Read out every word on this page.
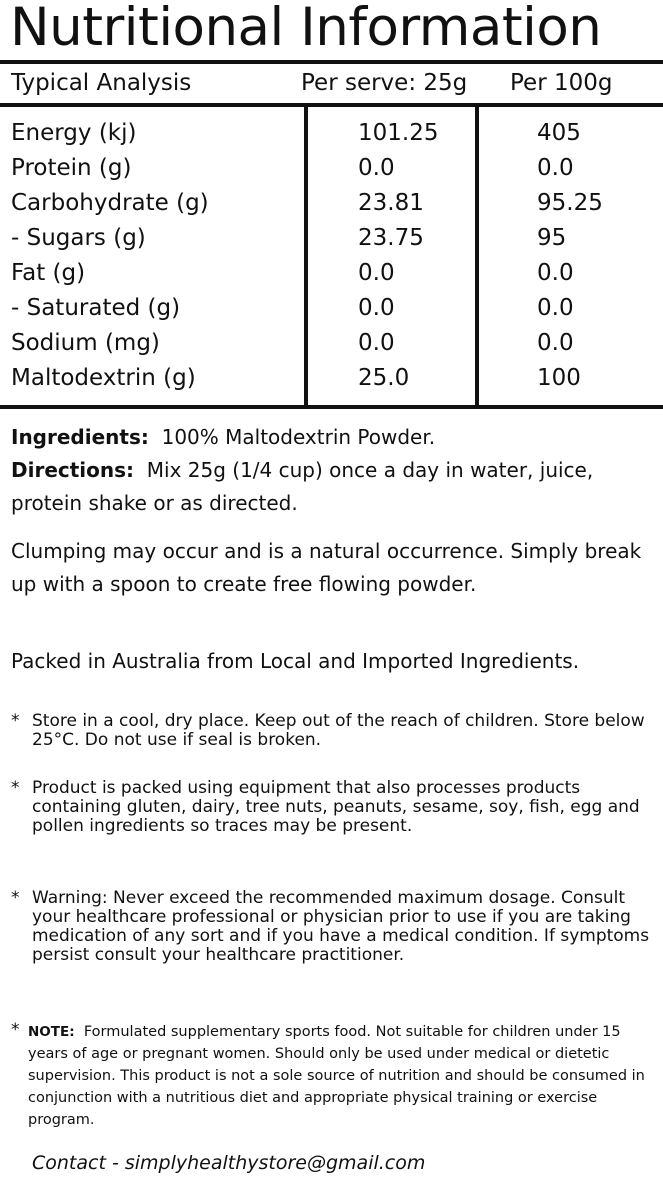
Nutritional Information
Typical Analysis	Per serve: 25g Per 100g
Energy (kj)	101.25	405
Protein (g)	0.0	0.0
Carbohydrate (g)	23.81	95.25
- Sugars (g)	23.75	95
Fat (g)	0.0	0.0
- Saturated (g)	0.0	0.0
Sodium (mg)	0.0	0.0
Maltodextrin (g)	25.0	100
Ingredients: 100% Maltodextrin Powder.
Directions: Mix 25g (1/4 cup) once a day in water, juice, protein shake or as directed.
Clumping may occur and is a natural occurrence. Simply break up with a spoon to create free flowing powder.
Packed in Australia from Local and Imported Ingredients.
* Store in a cool, dry place. Keep out of the reach of children. Store below 25°C. Do not use if seal is broken.
* Product is packed using equipment that also processes products containing gluten, dairy, tree nuts, peanuts, sesame, soy, fish, egg and pollen ingredients so traces may be present.
* Warning: Never exceed the recommended maximum dosage. Consult your healthcare professional or physician prior to use if you are taking medication of any sort and if you have a medical condition. If symptoms persist consult your healthcare practitioner.
* NOTE: Formulated supplementary sports food. Not suitable for children under 15 years of age or pregnant women. Should only be used under medical or dietetic supervision. This product is not a sole source of nutrition and should be consumed in conjunction with a nutritious diet and appropriate physical training or exercise program.
Contact - simplyhealthystore@gmail.com
